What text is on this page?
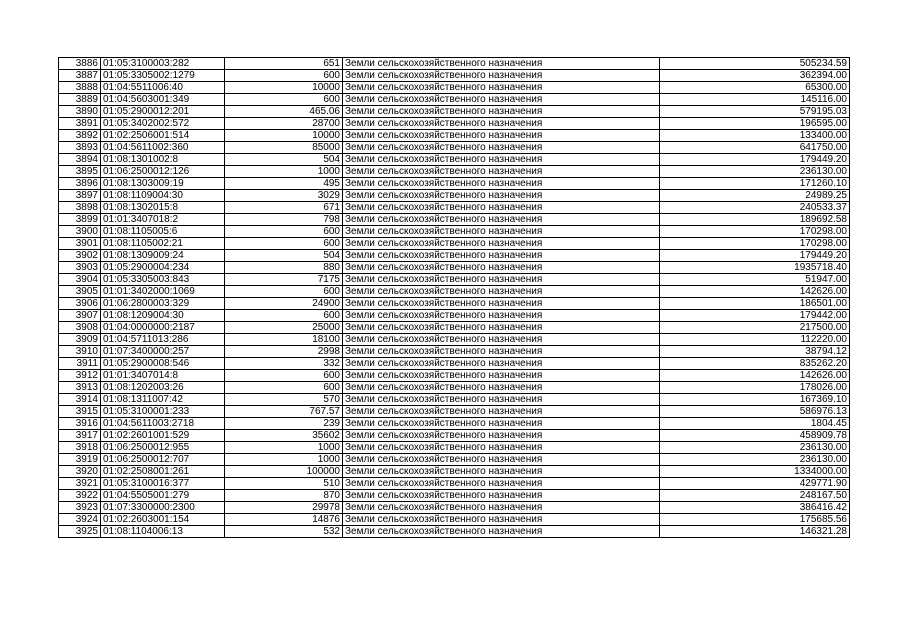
3886	01:05:3100003:282	651	Земли сельскохозяйственного назначения	505234.59
3887	01:05:3305002:1279	600	Земли сельскохозяйственного назначения	362394.00
3888	01:04:5511006:40	10000	Земли сельскохозяйственного назначения	65300.00
3889	01:04:5603001:349	600	Земли сельскохозяйственного назначения	145116.00
3890	01:05:2900012:201	465.06	Земли сельскохозяйственного назначения	579195.03
3891	01:05:3402002:572	28700	Земли сельскохозяйственного назначения	196595.00
3892	01:02:2506001:514	10000	Земли сельскохозяйственного назначения	133400.00
3893	01:04:5611002:360	85000	Земли сельскохозяйственного назначения	641750.00
3894	01:08:1301002:8	504	Земли сельскохозяйственного назначения	179449.20
3895	01:06:2500012:126	1000	Земли сельскохозяйственного назначения	236130.00
3896	01:08:1303009:19	495	Земли сельскохозяйственного назначения	171260.10
3897	01:08:1109004:30	3029	Земли сельскохозяйственного назначения	24989.25
3898	01:08:1302015:8	671	Земли сельскохозяйственного назначения	240533.37
3899	01:01:3407018:2	798	Земли сельскохозяйственного назначения	189692.58
3900	01:08:1105005:6	600	Земли сельскохозяйственного назначения	170298.00
3901	01:08:1105002:21	600	Земли сельскохозяйственного назначения	170298.00
3902	01:08:1309009:24	504	Земли сельскохозяйственного назначения	179449.20
3903	01:05:2900004:234	880	Земли сельскохозяйственного назначения	1935718.40
3904	01:05:3305003:843	7175	Земли сельскохозяйственного назначения	51947.00
3905	01:01:3402000:1069	600	Земли сельскохозяйственного назначения	142626.00
3906	01:06:2800003:329	24900	Земли сельскохозяйственного назначения	186501.00
3907	01:08:1209004:30	600	Земли сельскохозяйственного назначения	179442.00
3908	01:04:0000000:2187	25000	Земли сельскохозяйственного назначения	217500.00
3909	01:04:5711013:286	18100	Земли сельскохозяйственного назначения	112220.00
3910	01:07:3400000:257	2998	Земли сельскохозяйственного назначения	38794.12
3911	01:05:2900008:546	332	Земли сельскохозяйственного назначения	835262.20
3912	01:01:3407014:8	600	Земли сельскохозяйственного назначения	142626.00
3913	01:08:1202003:26	600	Земли сельскохозяйственного назначения	178026.00
3914	01:08:1311007:42	570	Земли сельскохозяйственного назначения	167369.10
3915	01:05:3100001:233	767.57	Земли сельскохозяйственного назначения	586976.13
3916	01:04:5611003:2718	239	Земли сельскохозяйственного назначения	1804.45
3917	01:02:2601001:529	35602	Земли сельскохозяйственного назначения	458909.78
3918	01:06:2500012:955	1000	Земли сельскохозяйственного назначения	236130.00
3919	01:06:2500012:707	1000	Земли сельскохозяйственного назначения	236130.00
3920	01:02:2508001:261	100000	Земли сельскохозяйственного назначения	1334000.00
3921	01:05:3100016:377	510	Земли сельскохозяйственного назначения	429771.90
3922	01:04:5505001:279	870	Земли сельскохозяйственного назначения	248167.50
3923	01:07:3300000:2300	29978	Земли сельскохозяйственного назначения	386416.42
3924	01:02:2603001:154	14876	Земли сельскохозяйственного назначения	175685.56
3925	01:08:1104006:13	532	Земли сельскохозяйственного назначения	146321.28
